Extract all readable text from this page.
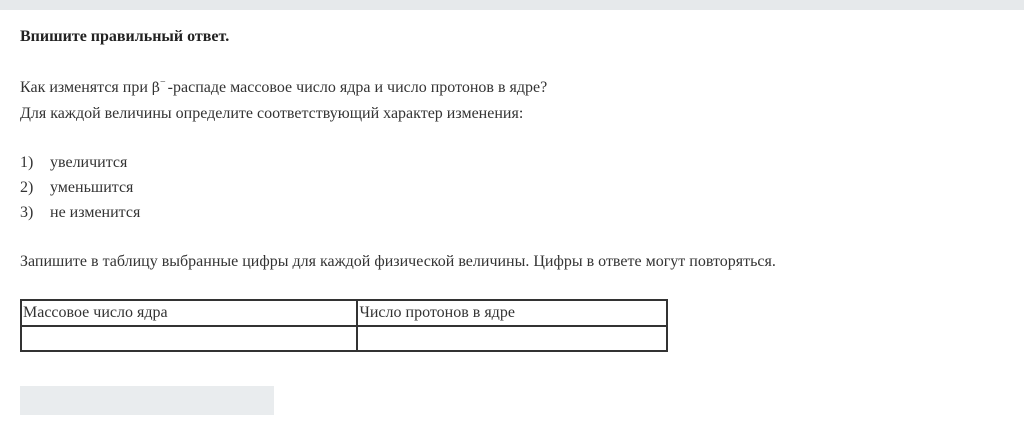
Впишите правильный ответ.

Как изменятся при β− -распаде массовое число ядра и число протонов в ядре?

Для каждой величины определите соответствующий характер изменения:

1)	увеличится
2)	уменьшится
3)	не изменится
Запишите в таблицу выбранные цифры для каждой физической величины. Цифры в ответе могут повторяться.
Массовое число ядра	Число протонов в ядре
